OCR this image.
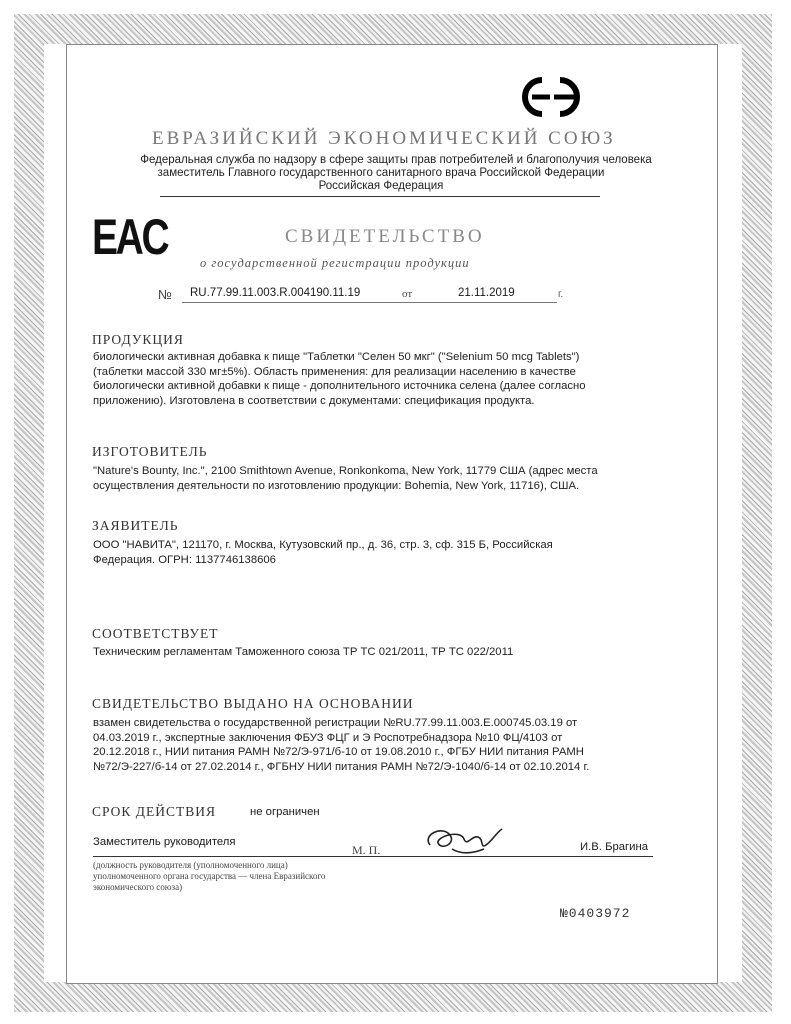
ЕВРАЗИЙСКИЙ ЭКОНОМИЧЕСКИЙ СОЮЗ
Федеральная служба по надзору в сфере защиты прав потребителей и благополучия человека
заместитель Главного государственного санитарного врача Российской Федерации
Российская Федерация
EAC	СВИДЕТЕЛЬСТВО
о государственной регистрации продукции
№ RU.77.99.11.003.R.004190.11.19	от	21.11.2019	г.
ПРОДУКЦИЯ
биологически активная добавка к пище "Таблетки "Селен 50 мкг" ("Selenium 50 mcg Tablets")
(таблетки массой 330 мг±5%). Область применения: для реализации населению в качестве
биологически активной добавки к пище - дополнительного источника селена (далее согласно
приложению). Изготовлена в соответствии с документами: спецификация продукта.
ИЗГОТОВИТЕЛЬ
"Nature's Bounty, Inc.", 2100 Smithtown Avenue, Ronkonkoma, New York, 11779 США (адрес места
осуществления деятельности по изготовлению продукции: Bohemia, New York, 11716), США.
ЗАЯВИТЕЛЬ
ООО "НАВИТА", 121170, г. Москва, Кутузовский пр., д. 36, стр. 3, сф. 315 Б, Российская
Федерация. ОГРН: 1137746138606
СООТВЕТСТВУЕТ
Техническим регламентам Таможенного союза ТР ТС 021/2011, ТР ТС 022/2011
СВИДЕТЕЛЬСТВО ВЫДАНО НА ОСНОВАНИИ
взамен свидетельства о государственной регистрации №RU.77.99.11.003.E.000745.03.19 от
04.03.2019 г., экспертные заключения ФБУЗ ФЦГ и Э Роспотребнадзора №10 ФЦ/4103 от
20.12.2018 г., НИИ питания РАМН №72/Э-971/б-10 от 19.08.2010 г., ФГБУ НИИ питания РАМН
№72/Э-227/б-14 от 27.02.2014 г., ФГБНУ НИИ питания РАМН №72/Э-1040/б-14 от 02.10.2014 г.
СРОК ДЕЙСТВИЯ	не ограничен
Заместитель руководителя
М. П.	И.В. Брагина
(должность руководителя (уполномоченного лица) уполномоченного органа государства — члена Евразийского экономического союза)
№0403972
